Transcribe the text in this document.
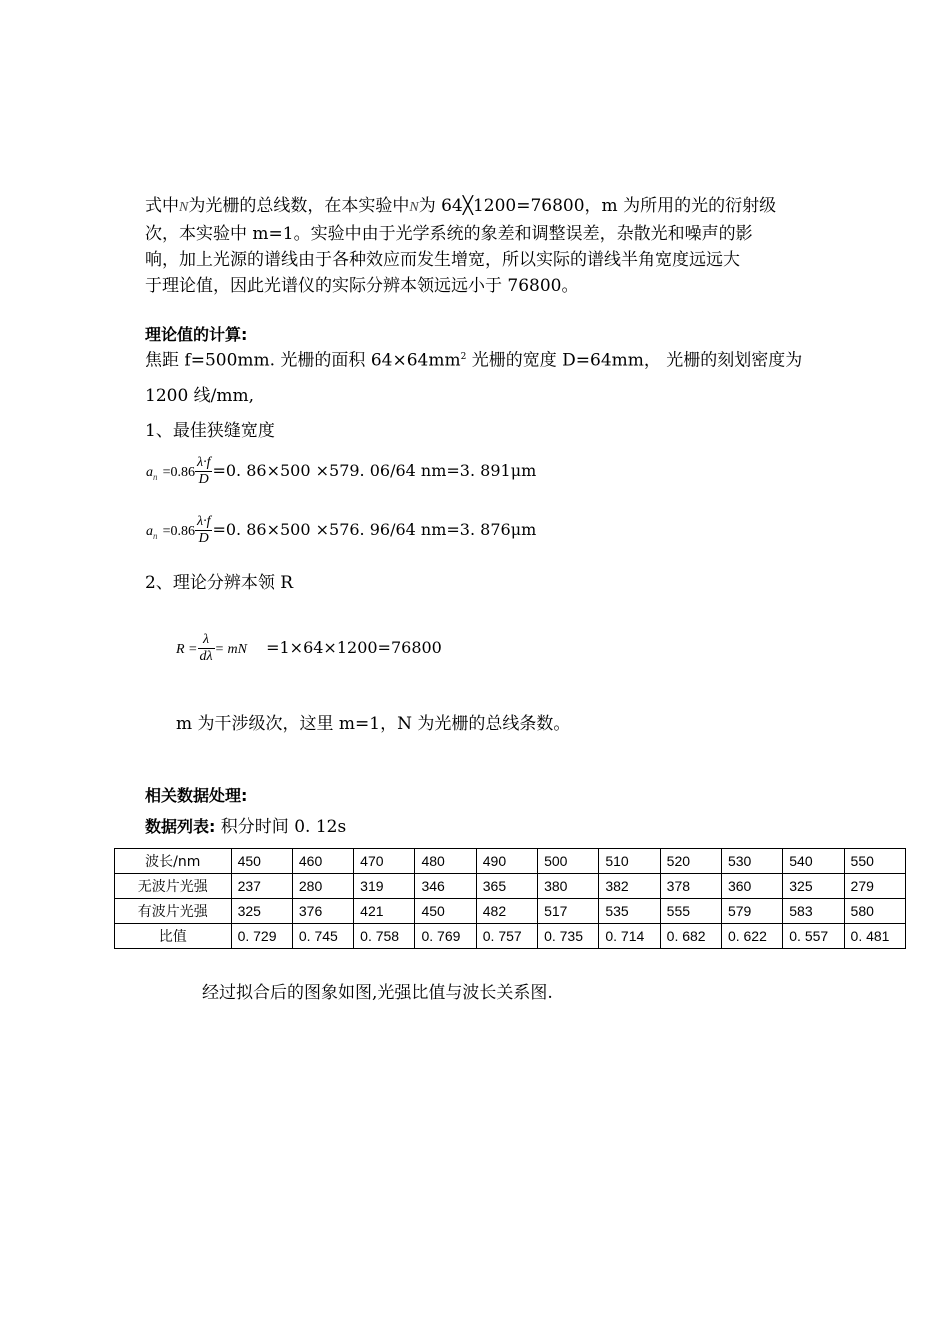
式中N为光栅的总线数，在本实验中N为 64╳1200=76800，m 为所用的光的衍射级
次，本实验中 m=1。实验中由于光学系统的象差和调整误差，杂散光和噪声的影
响，加上光源的谱线由于各种效应而发生增宽，所以实际的谱线半角宽度远远大
于理论值，因此光谱仪的实际分辨本领远远小于 76800。
理论值的计算:
焦距 f=500mm. 光栅的面积 $64\times 64mm^2$ 光栅的宽度 D=64mm， 光栅的刻划密度为
1200 线/mm,
1、最佳狭缝宽度
$a_n =0.86 \frac{\lambda\cdot f}{D} =0$. 86×500 ×579. 06/64 nm=3. 891μm
$a_n =0.86 \frac{\lambda\cdot f}{D} =0$. 86×500 ×576. 96/64 nm=3. 876μm
2、理论分辨本领 R
$R = \frac{\lambda}{d\lambda}$ = mN =1×64×1200=76800
m 为干涉级次，这里 m=1，N 为光栅的总线条数。
相关数据处理:
数据列表: 积分时间 0. 12s
波长/nm	450	460	470	480	490	500	510	520	530	540	550
无波片光强	237	280	319	346	365	380	382	378	360	325	279
有波片光强	325	376	421	450	482	517	535	555	579	583	580
比值	0. 729	0. 745	0. 758	0. 769	0. 757	0. 735	0. 714	0. 682	0. 622	0. 557	0. 481
经过拟合后的图象如图,光强比值与波长关系图.
